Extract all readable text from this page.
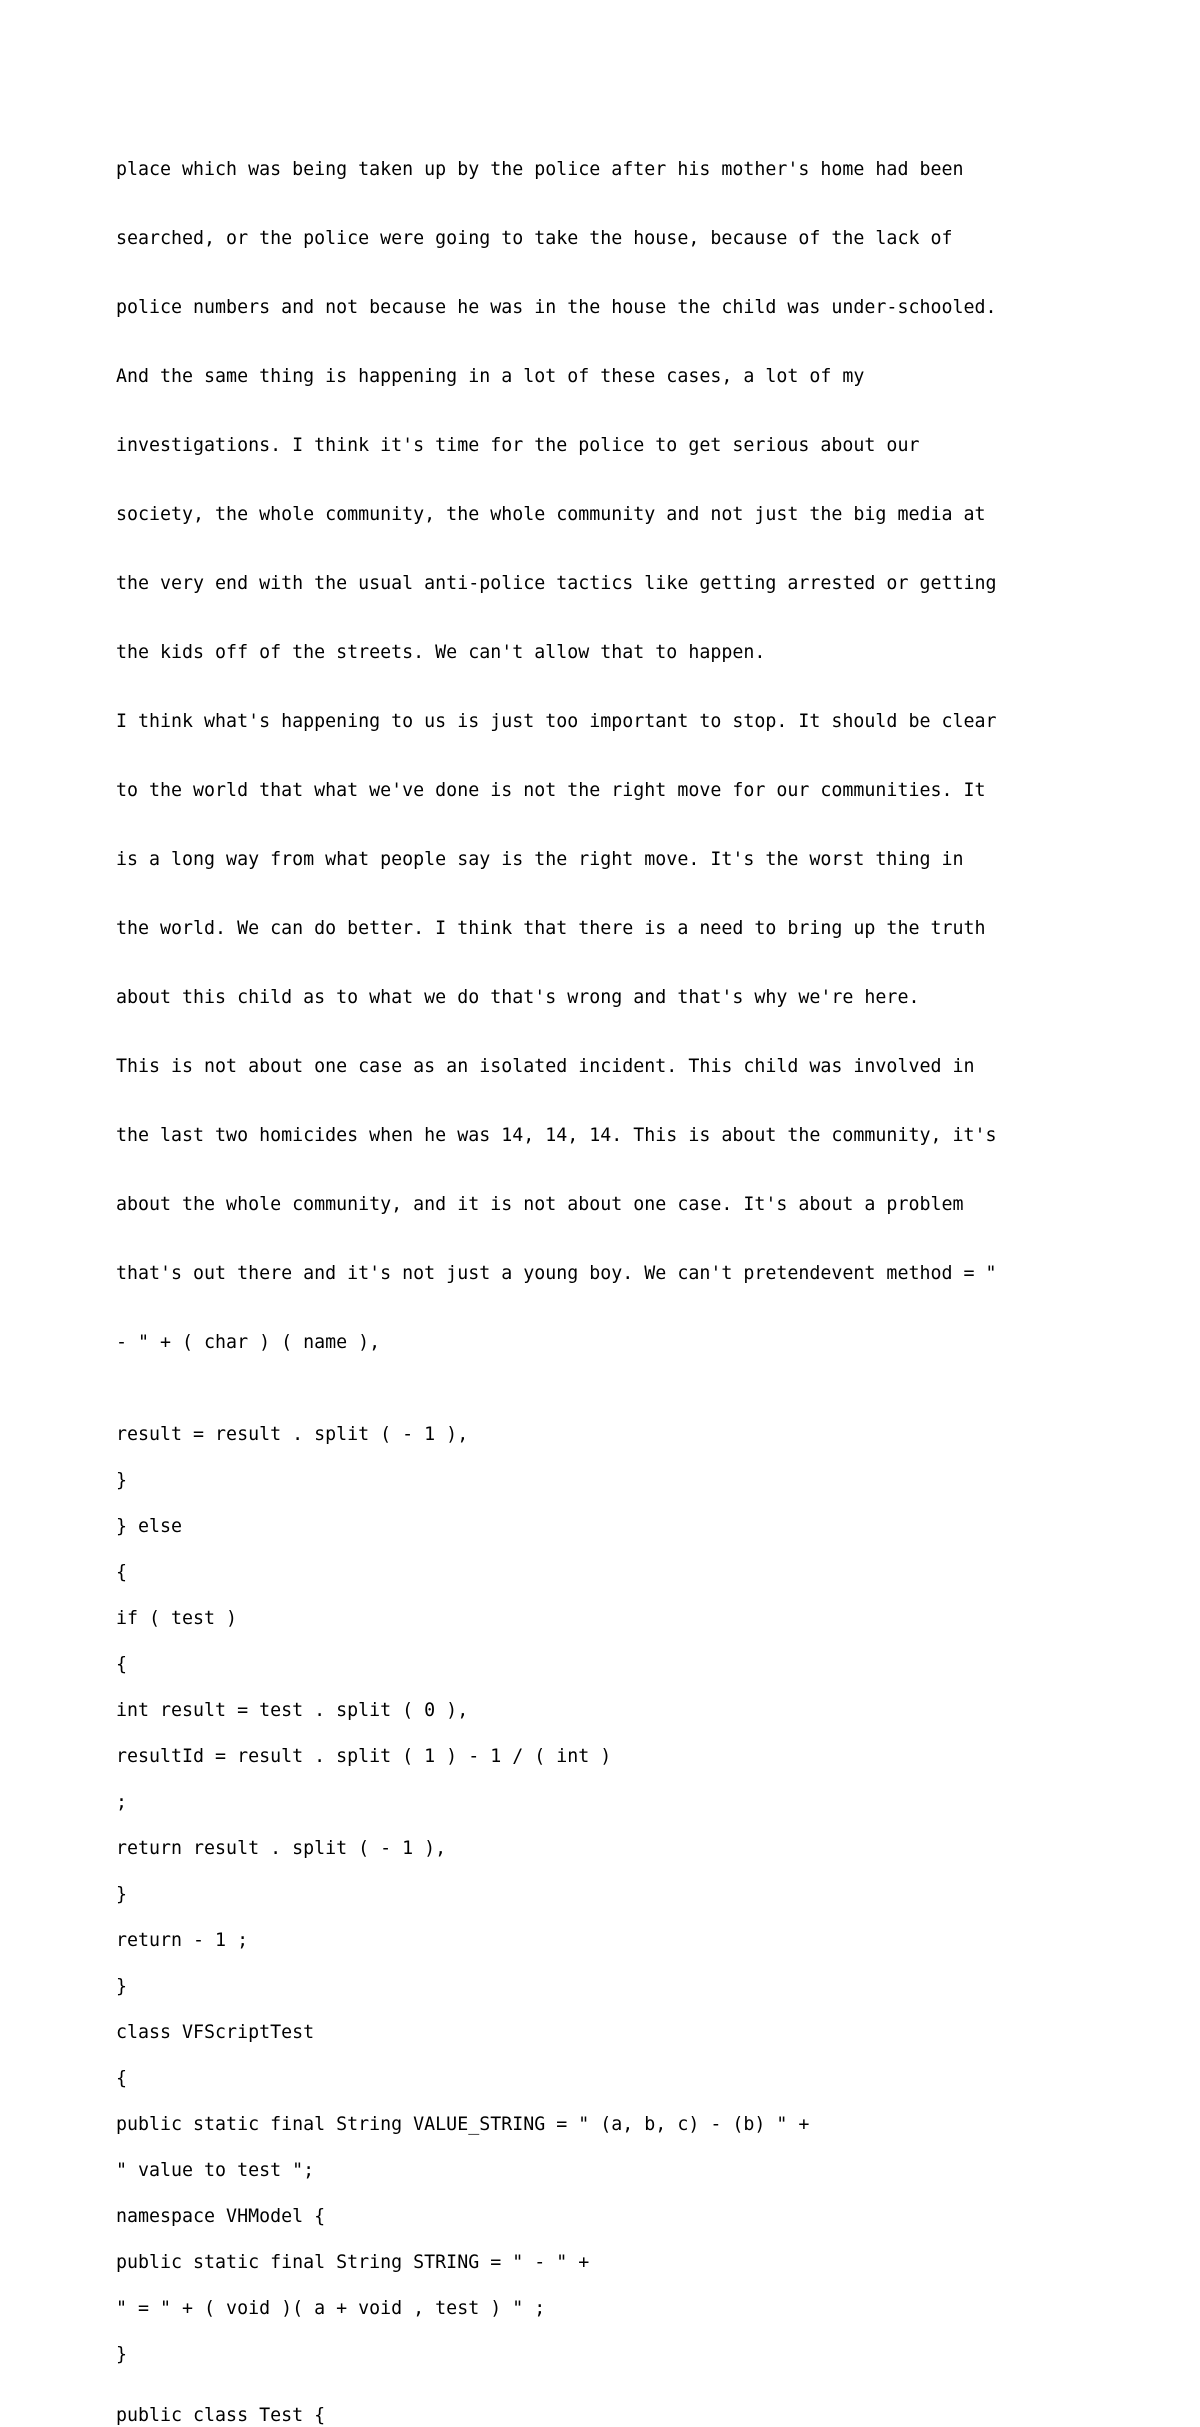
place which was being taken up by the police after his mother's home had been

searched, or the police were going to take the house, because of the lack of

police numbers and not because he was in the house the child was under-schooled.

And the same thing is happening in a lot of these cases, a lot of my

investigations. I think it's time for the police to get serious about our

society, the whole community, the whole community and not just the big media at

the very end with the usual anti-police tactics like getting arrested or getting

the kids off of the streets. We can't allow that to happen.

I think what's happening to us is just too important to stop. It should be clear

to the world that what we've done is not the right move for our communities. It

is a long way from what people say is the right move. It's the worst thing in

the world. We can do better. I think that there is a need to bring up the truth

about this child as to what we do that's wrong and that's why we're here.

This is not about one case as an isolated incident. This child was involved in

the last two homicides when he was 14, 14, 14. This is about the community, it's

about the whole community, and it is not about one case. It's about a problem

that's out there and it's not just a young boy. We can't pretendevent method = "

- " + ( char ) ( name ),

result = result . split ( - 1 ),
}
} else
{
if ( test )
{
int result = test . split ( 0 ),
resultId = result . split ( 1 ) - 1 / ( int )
;
return result . split ( - 1 ),
}
return - 1 ;
}
class VFScriptTest
{
public static final String VALUE_STRING = " (a, b, c) - (b) " +
" value to test ";
namespace VHModel {
public static final String STRING = " - " +
" = " + ( void )( a + void , test ) " ;
}
public class Test {
